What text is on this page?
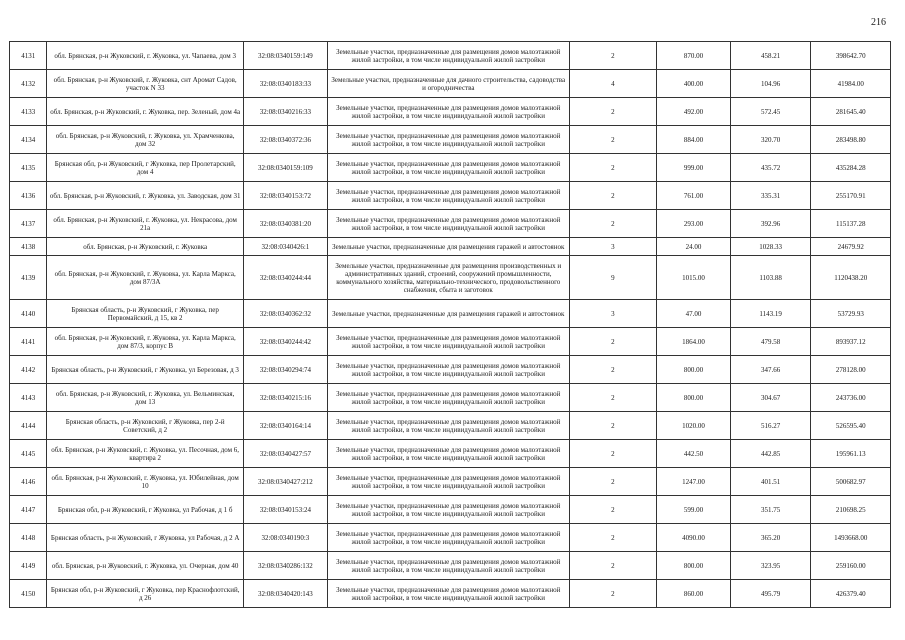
216
4131	обл. Брянская, р-н Жуковский, г. Жуковка, ул. Чапаева, дом 3	32:08:0340159:149	Земельные участки, предназначенные для размещения домов малоэтажной жилой застройки, в том числе индивидуальной жилой застройки	2	870.00	458.21	398642.70
4132	обл. Брянская, р-н Жуковский, г. Жуковка, снт Аромат Садов, участок N 33	32:08:0340183:33	Земельные участки, предназначенные для дачного строительства, садоводства и огородничества	4	400.00	104.96	41984.00
4133	обл. Брянская, р-н Жуковский, г. Жуковка, пер. Зеленый, дом 4а	32:08:0340216:33	Земельные участки, предназначенные для размещения домов малоэтажной жилой застройки, в том числе индивидуальной жилой застройки	2	492.00	572.45	281645.40
4134	обл. Брянская, р-н Жуковский, г. Жуковка, ул. Храмченкова, дом 32	32:08:0340372:36	Земельные участки, предназначенные для размещения домов малоэтажной жилой застройки, в том числе индивидуальной жилой застройки	2	884.00	320.70	283498.80
4135	Брянская обл, р-н Жуковский, г Жуковка, пер Пролетарский, дом 4	32:08:0340159:109	Земельные участки, предназначенные для размещения домов малоэтажной жилой застройки, в том числе индивидуальной жилой застройки	2	999.00	435.72	435284.28
4136	обл. Брянская, р-н Жуковский, г. Жуковка, ул. Заводская, дом 31	32:08:0340153:72	Земельные участки, предназначенные для размещения домов малоэтажной жилой застройки, в том числе индивидуальной жилой застройки	2	761.00	335.31	255170.91
4137	обл. Брянская, р-н Жуковский, г. Жуковка, ул. Некрасова, дом 21а	32:08:0340381:20	Земельные участки, предназначенные для размещения домов малоэтажной жилой застройки, в том числе индивидуальной жилой застройки	2	293.00	392.96	115137.28
4138	обл. Брянская, р-н Жуковский, г. Жуковка	32:08:0340426:1	Земельные участки, предназначенные для размещения гаражей и автостоянок	3	24.00	1028.33	24679.92
4139	обл. Брянская, р-н Жуковский, г. Жуковка, ул. Карла Маркса, дом 87/3А	32:08:0340244:44	Земельные участки, предназначенные для размещения производственных и административных зданий, строений, сооружений промышленности, коммунального хозяйства, материально-технического, продовольственного снабжения, сбыта и заготовок	9	1015.00	1103.88	1120438.20
4140	Брянская область, р-н Жуковский, г Жуковка, пер Первомайский, д 15, кв 2	32:08:0340362:32	Земельные участки, предназначенные для размещения гаражей и автостоянок	3	47.00	1143.19	53729.93
4141	обл. Брянская, р-н Жуковский, г. Жуковка, ул. Карла Маркса, дом 87/3, корпус В	32:08:0340244:42	Земельные участки, предназначенные для размещения домов малоэтажной жилой застройки, в том числе индивидуальной жилой застройки	2	1864.00	479.58	893937.12
4142	Брянская область, р-н Жуковский, г Жуковка, ул Березовая, д 3	32:08:0340294:74	Земельные участки, предназначенные для размещения домов малоэтажной жилой застройки, в том числе индивидуальной жилой застройки	2	800.00	347.66	278128.00
4143	обл. Брянская, р-н Жуковский, г. Жуковка, ул. Вельминская, дом 13	32:08:0340215:16	Земельные участки, предназначенные для размещения домов малоэтажной жилой застройки, в том числе индивидуальной жилой застройки	2	800.00	304.67	243736.00
4144	Брянская область, р-н Жуковский, г Жуковка, пер 2-й Советский, д 2	32:08:0340164:14	Земельные участки, предназначенные для размещения домов малоэтажной жилой застройки, в том числе индивидуальной жилой застройки	2	1020.00	516.27	526595.40
4145	обл. Брянская, р-н Жуковский, г. Жуковка, ул. Песочная, дом 6, квартира 2	32:08:0340427:57	Земельные участки, предназначенные для размещения домов малоэтажной жилой застройки, в том числе индивидуальной жилой застройки	2	442.50	442.85	195961.13
4146	обл. Брянская, р-н Жуковский, г. Жуковка, ул. Юбилейная, дом 10	32:08:0340427:212	Земельные участки, предназначенные для размещения домов малоэтажной жилой застройки, в том числе индивидуальной жилой застройки	2	1247.00	401.51	500682.97
4147	Брянская обл, р-н Жуковский, г Жуковка, ул Рабочая, д 1 б	32:08:0340153:24	Земельные участки, предназначенные для размещения домов малоэтажной жилой застройки, в том числе индивидуальной жилой застройки	2	599.00	351.75	210698.25
4148	Брянская область, р-н Жуковский, г Жуковка, ул Рабочая, д 2 А	32:08:0340190:3	Земельные участки, предназначенные для размещения домов малоэтажной жилой застройки, в том числе индивидуальной жилой застройки	2	4090.00	365.20	1493668.00
4149	обл. Брянская, р-н Жуковский, г. Жуковка, ул. Очерная, дом 40	32:08:0340286:132	Земельные участки, предназначенные для размещения домов малоэтажной жилой застройки, в том числе индивидуальной жилой застройки	2	800.00	323.95	259160.00
4150	Брянская обл, р-н Жуковский, г Жуковка, пер Краснофлотский, д 26	32:08:0340420:143	Земельные участки, предназначенные для размещения домов малоэтажной жилой застройки, в том числе индивидуальной жилой застройки	2	860.00	495.79	426379.40
